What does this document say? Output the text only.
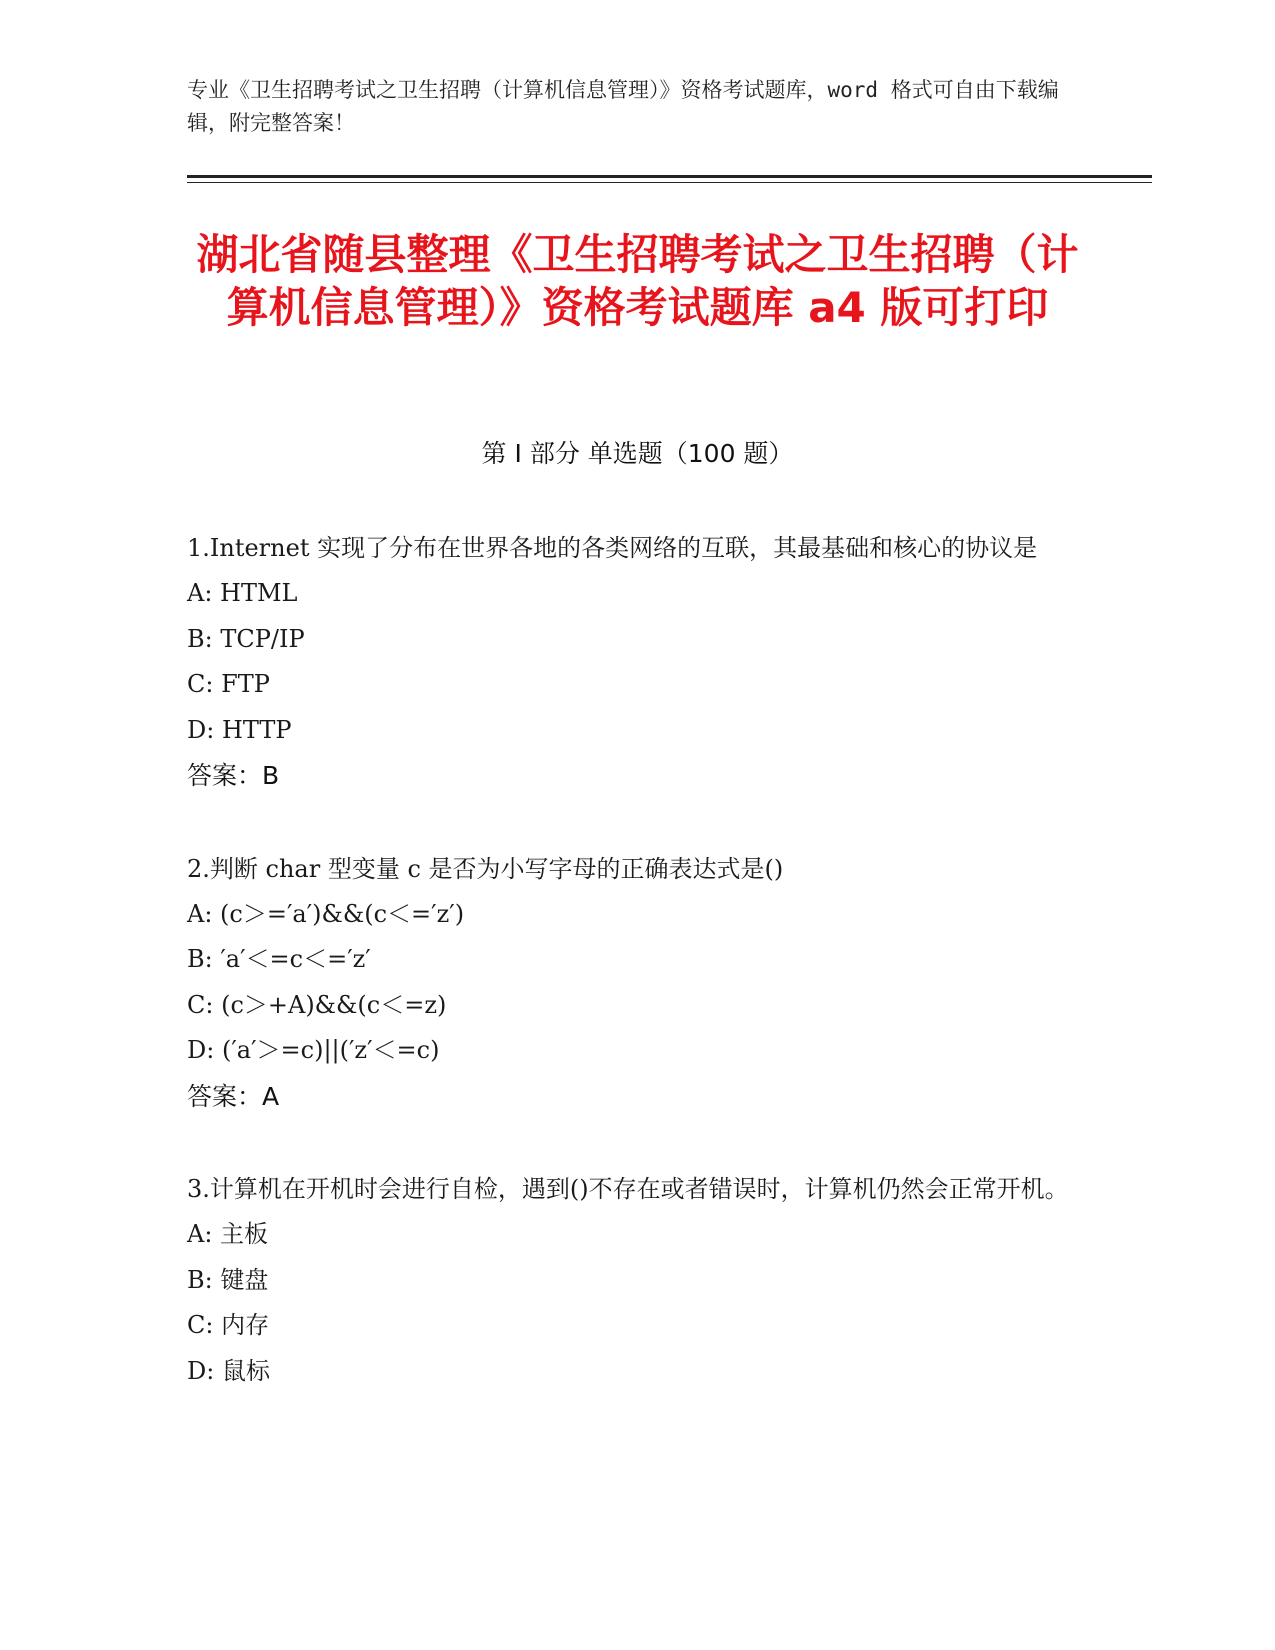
专业《卫生招聘考试之卫生招聘（计算机信息管理）》资格考试题库，word 格式可自由下载编辑，附完整答案！
湖北省随县整理《卫生招聘考试之卫生招聘（计算机信息管理）》资格考试题库 a4 版可打印
第 I 部分 单选题（100 题）

1.Internet 实现了分布在世界各地的各类网络的互联，其最基础和核心的协议是

A: HTML

B: TCP/IP

C: FTP

D: HTTP

答案：B

2.判断 char 型变量 c 是否为小写字母的正确表达式是()

A: (c＞=′a′)&&(c＜=′z′)

B: ′a′＜=c＜=′z′

C: (c＞+A)&&(c＜=z)

D: (′a′＞=c)||(′z′＜=c)

答案：A

3.计算机在开机时会进行自检，遇到()不存在或者错误时，计算机仍然会正常开机。

A: 主板

B: 键盘

C: 内存

D: 鼠标
